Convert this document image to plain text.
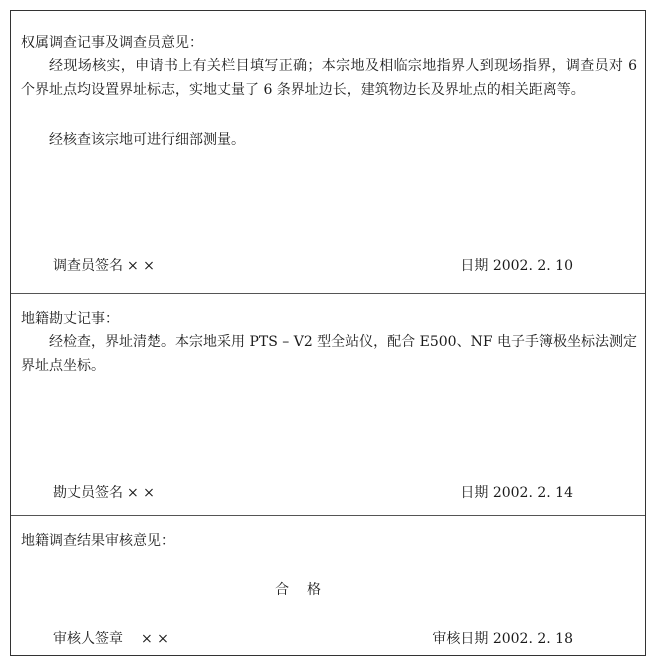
权属调查记事及调查员意见：
经现场核实，申请书上有关栏目填写正确；本宗地及相临宗地指界人到现场指界，调查员对 6 个界址点均设置界址标志，实地丈量了 6 条界址边长，建筑物边长及界址点的相关距离等。
经核查该宗地可进行细部测量。
调查员签名 × ×	日期 2002. 2. 10
地籍勘丈记事：
经检查，界址清楚。本宗地采用 PTS – V2 型全站仪，配合 E500、NF 电子手簿极坐标法测定界址点坐标。
勘丈员签名 × ×	日期 2002. 2. 14
地籍调查结果审核意见：
合格
审核人签章 × ×	审核日期 2002. 2. 18
